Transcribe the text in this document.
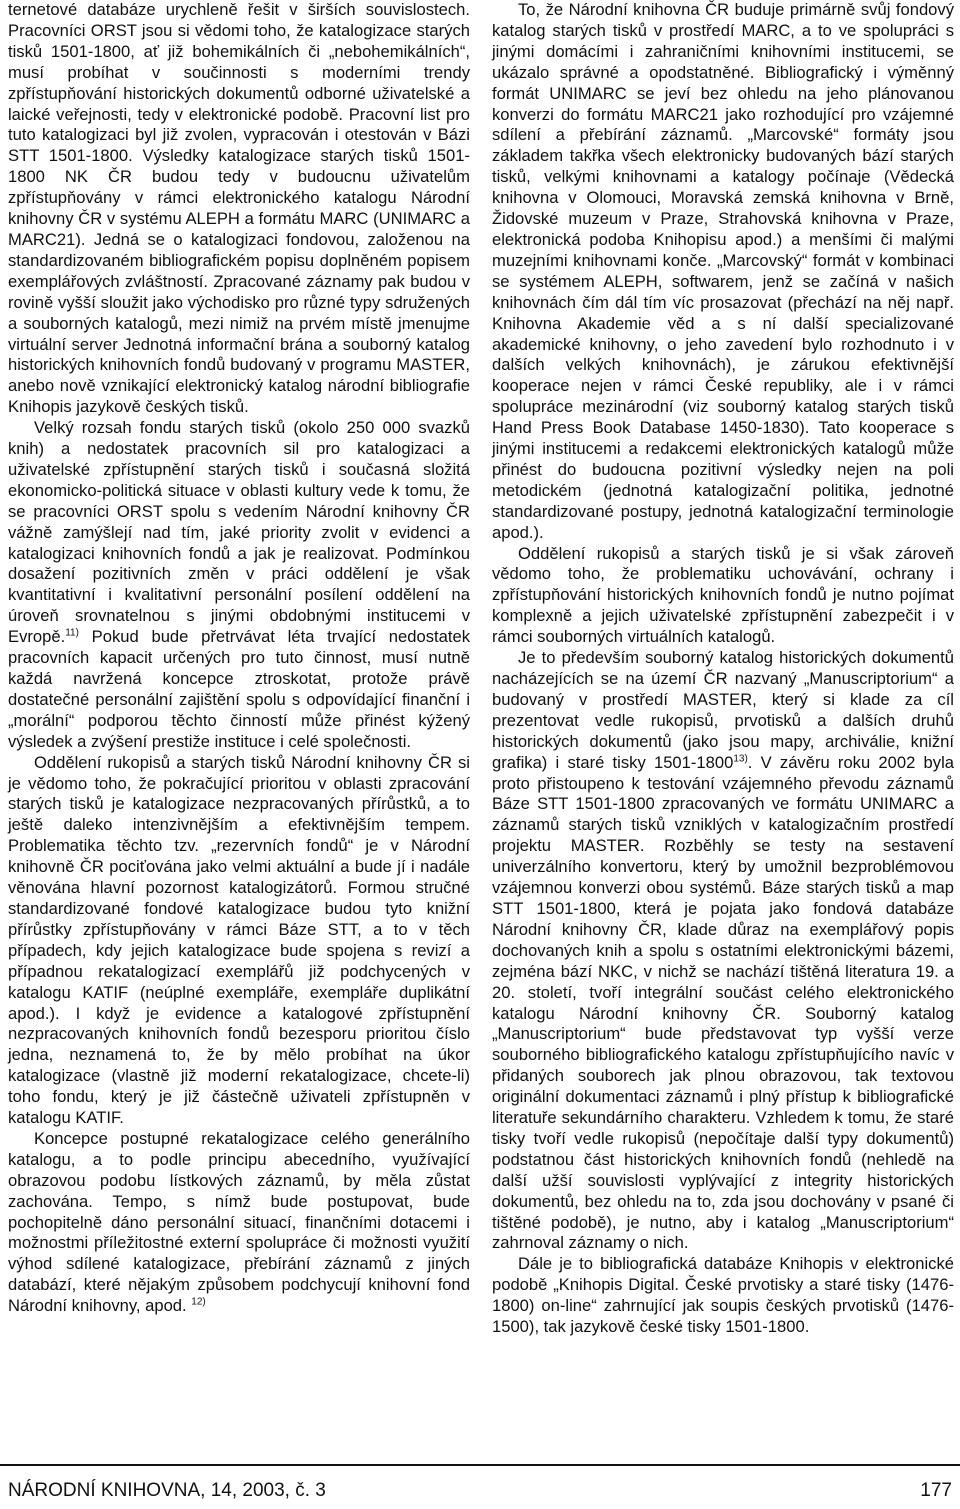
ternetové databáze urychleně řešit v širších souvislostech. Pracovníci ORST jsou si vědomi toho, že katalogizace starých tisků 1501-1800, ať již bohemikálních či „nebohemikálních“, musí probíhat v součinnosti s moderními trendy zpřístupňování historických dokumentů odborné uživatelské a laické veřejnosti, tedy v elektronické podobě. Pracovní list pro tuto katalogizaci byl již zvolen, vypracován i otestován v Bázi STT 1501-1800. Výsledky katalogizace starých tisků 1501-1800 NK ČR budou tedy v budoucnu uživatelům zpřístupňovány v rámci elektronického katalogu Národní knihovny ČR v systému ALEPH a formátu MARC (UNIMARC a MARC21). Jedná se o katalogizaci fondovou, založenou na standardizovaném bibliografickém popisu doplněném popisem exemplářových zvláštností. Zpracované záznamy pak budou v rovině vyšší sloužit jako východisko pro různé typy sdružených a souborných katalogů, mezi nimiž na prvém místě jmenujme virtuální server Jednotná informační brána a souborný katalog historických knihovních fondů budovaný v programu MASTER, anebo nově vznikající elektronický katalog národní bibliografie Knihopis jazykově českých tisků.

Velký rozsah fondu starých tisků (okolo 250 000 svazků knih) a nedostatek pracovních sil pro katalogizaci a uživatelské zpřístupnění starých tisků i současná složitá ekonomicko-politická situace v oblasti kultury vede k tomu, že se pracovníci ORST spolu s vedením Národní knihovny ČR vážně zamýšlejí nad tím, jaké priority zvolit v evidenci a katalogizaci knihovních fondů a jak je realizovat. Podmínkou dosažení pozitivních změn v práci oddělení je však kvantitativní i kvalitativní personální posílení oddělení na úroveň srovnatelnou s jinými obdobnými institucemi v Evropě.$^{11)}$ Pokud bude přetrvávat léta trvající nedostatek pracovních kapacit určených pro tuto činnost, musí nutně každá navržená koncepce ztroskotat, protože právě dostatečné personální zajištění spolu s odpovídající finanční i „morální“ podporou těchto činností může přinést kýžený výsledek a zvýšení prestiže instituce i celé společnosti.

Oddělení rukopisů a starých tisků Národní knihovny ČR si je vědomo toho, že pokračující prioritou v oblasti zpracování starých tisků je katalogizace nezpracovaných přírůstků, a to ještě daleko intenzivnějším a efektivnějším tempem. Problematika těchto tzv. „rezervních fondů“ je v Národní knihovně ČR pociťována jako velmi aktuální a bude jí i nadále věnována hlavní pozornost katalogizátorů. Formou stručné standardizované fondové katalogizace budou tyto knižní přírůstky zpřístupňovány v rámci Báze STT, a to v těch případech, kdy jejich katalogizace bude spojena s revizí a případnou rekatalogizací exemplářů již podchycených v katalogu KATIF (neúplné exempláře, exempláře duplikátní apod.). I když je evidence a katalogové zpřístupnění nezpracovaných knihovních fondů bezesporu prioritou číslo jedna, neznamená to, že by mělo probíhat na úkor katalogizace (vlastně již moderní rekatalogizace, chcete-li) toho fondu, který je již částečně uživateli zpřístupněn v katalogu KATIF.

Koncepce postupné rekatalogizace celého generálního katalogu, a to podle principu abecedního, využívající obrazovou podobu lístkových záznamů, by měla zůstat zachována. Tempo, s nímž bude postupovat, bude pochopitelně dáno personální situací, finančními dotacemi i možnostmi příležitostné externí spolupráce či možnosti využití výhod sdílené katalogizace, přebírání záznamů z jiných databází, které nějakým způsobem podchycují knihovní fond Národní knihovny, apod. $^{12)}$

To, že Národní knihovna ČR buduje primárně svůj fondový katalog starých tisků v prostředí MARC, a to ve spolupráci s jinými domácími i zahraničními knihovními institucemi, se ukázalo správné a opodstatněné. Bibliografický i výměnný formát UNIMARC se jeví bez ohledu na jeho plánovanou konverzi do formátu MARC21 jako rozhodující pro vzájemné sdílení a přebírání záznamů. „Marcovské“ formáty jsou základem takřka všech elektronicky budovaných bází starých tisků, velkými knihovnami a katalogy počínaje (Vědecká knihovna v Olomouci, Moravská zemská knihovna v Brně, Židovské muzeum v Praze, Strahovská knihovna v Praze, elektronická podoba Knihopisu apod.) a menšími či malými muzejními knihovnami konče. „Marcovský“ formát v kombinaci se systémem ALEPH, softwarem, jenž se začíná v našich knihovnách čím dál tím víc prosazovat (přechází na něj např. Knihovna Akademie věd a s ní další specializované akademické knihovny, o jeho zavedení bylo rozhodnuto i v dalších velkých knihovnách), je zárukou efektivnější kooperace nejen v rámci České republiky, ale i v rámci spolupráce mezinárodní (viz souborný katalog starých tisků Hand Press Book Database 1450-1830). Tato kooperace s jinými institucemi a redakcemi elektronických katalogů může přinést do budoucna pozitivní výsledky nejen na poli metodickém (jednotná katalogizační politika, jednotné standardizované postupy, jednotná katalogizační terminologie apod.).

Oddělení rukopisů a starých tisků je si však zároveň vědomo toho, že problematiku uchovávání, ochrany i zpřístupňování historických knihovních fondů je nutno pojímat komplexně a jejich uživatelské zpřístupnění zabezpečit i v rámci souborných virtuálních katalogů.

Je to především souborný katalog historických dokumentů nacházejících se na území ČR nazvaný „Manuscriptorium“ a budovaný v prostředí MASTER, který si klade za cíl prezentovat vedle rukopisů, prvotisků a dalších druhů historických dokumentů (jako jsou mapy, archiválie, knižní grafika) i staré tisky 1501-1800$^{13)}$. V závěru roku 2002 byla proto přistoupeno k testování vzájemného převodu záznamů Báze STT 1501-1800 zpracovaných ve formátu UNIMARC a záznamů starých tisků vzniklých v katalogizačním prostředí projektu MASTER. Rozběhly se testy na sestavení univerzálního konvertoru, který by umožnil bezproblémovou vzájemnou konverzi obou systémů. Báze starých tisků a map STT 1501-1800, která je pojata jako fondová databáze Národní knihovny ČR, klade důraz na exemplářový popis dochovaných knih a spolu s ostatními elektronickými bázemi, zejména bází NKC, v nichž se nachází tištěná literatura 19. a 20. století, tvoří integrální součást celého elektronického katalogu Národní knihovny ČR. Souborný katalog „Manuscriptorium“ bude představovat typ vyšší verze souborného bibliografického katalogu zpřístupňujícího navíc v přidaných souborech jak plnou obrazovou, tak textovou originální dokumentaci záznamů i plný přístup k bibliografické literatuře sekundárního charakteru. Vzhledem k tomu, že staré tisky tvoří vedle rukopisů (nepočítaje další typy dokumentů) podstatnou část historických knihovních fondů (nehledě na další užší souvislosti vyplývající z integrity historických dokumentů, bez ohledu na to, zda jsou dochovány v psané či tištěné podobě), je nutno, aby i katalog „Manuscriptorium“ zahrnoval záznamy o nich.

Dále je to bibliografická databáze Knihopis v elektronické podobě „Knihopis Digital. České prvotisky a staré tisky (1476-1800) on-line“ zahrnující jak soupis českých prvotisků (1476-1500), tak jazykově české tisky 1501-1800.

NÁRODNÍ KNIHOVNA, 14, 2003, č. 3	177
